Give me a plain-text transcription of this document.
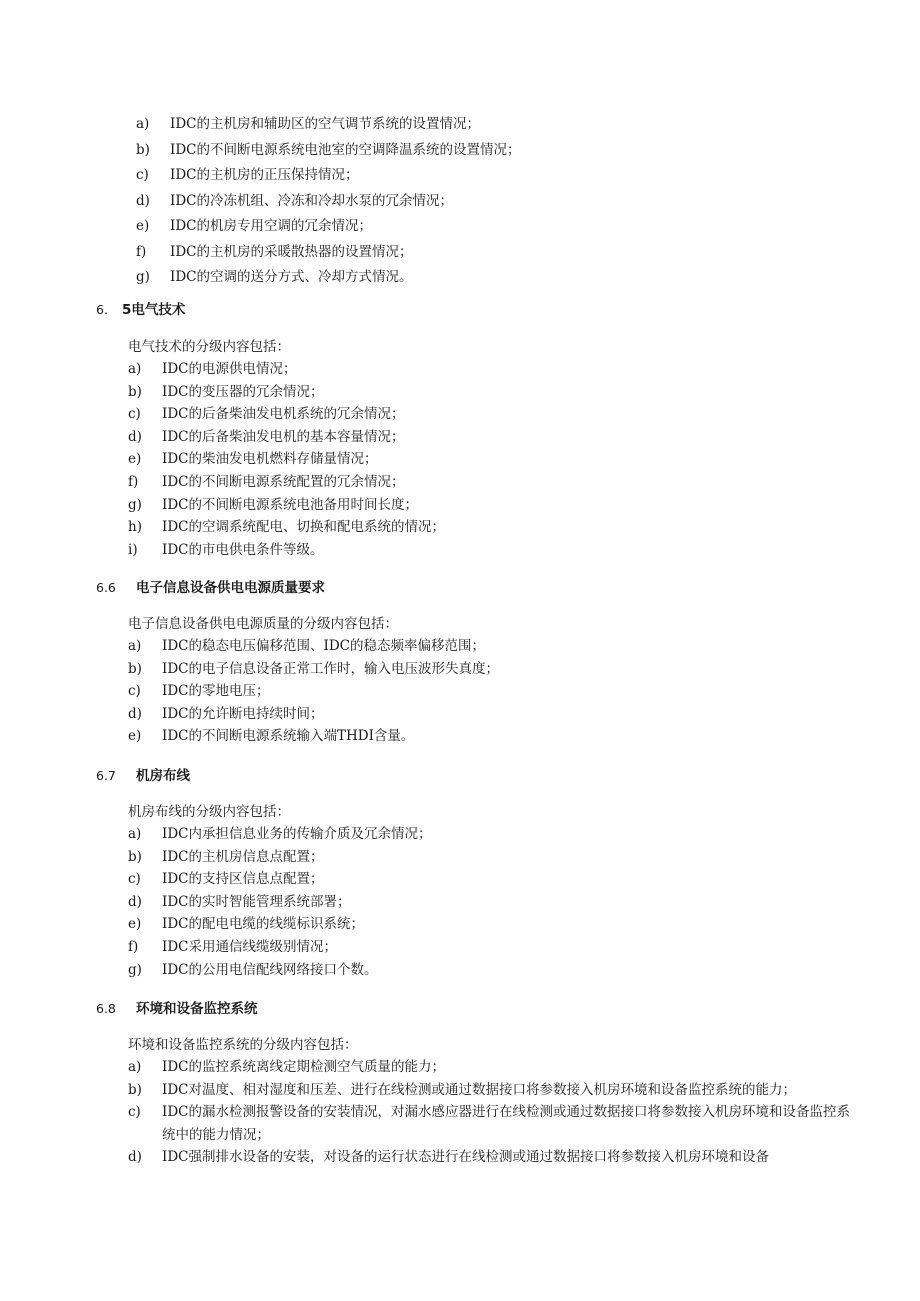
a)	IDC的主机房和辅助区的空气调节系统的设置情况；
b)	IDC的不间断电源系统电池室的空调降温系统的设置情况；
c)	IDC的主机房的正压保持情况；
d)	IDC的冷冻机组、冷冻和冷却水泵的冗余情况；
e)	IDC的机房专用空调的冗余情况；
f)	IDC的主机房的采暖散热器的设置情况；
g)	IDC的空调的送分方式、冷却方式情况。
6. 5电气技术
电气技术的分级内容包括：
a)	IDC的电源供电情况；
b)	IDC的变压器的冗余情况；
c)	IDC的后备柴油发电机系统的冗余情况；
d)	IDC的后备柴油发电机的基本容量情况；
e)	IDC的柴油发电机燃料存储量情况；
f)	IDC的不间断电源系统配置的冗余情况；
g)	IDC的不间断电源系统电池备用时间长度；
h)	IDC的空调系统配电、切换和配电系统的情况；
i)	IDC的市电供电条件等级。
6.6 电子信息设备供电电源质量要求
电子信息设备供电电源质量的分级内容包括：
a)	IDC的稳态电压偏移范围、IDC的稳态频率偏移范围；
b)	IDC的电子信息设备正常工作时，输入电压波形失真度；
c)	IDC的零地电压；
d)	IDC的允许断电持续时间；
e)	IDC的不间断电源系统输入端THDI含量。
6.7 机房布线
机房布线的分级内容包括：
a)	IDC内承担信息业务的传输介质及冗余情况；
b)	IDC的主机房信息点配置；
c)	IDC的支持区信息点配置；
d)	IDC的实时智能管理系统部署；
e)	IDC的配电电缆的线缆标识系统；
f)	IDC采用通信线缆级别情况；
g)	IDC的公用电信配线网络接口个数。
6.8 环境和设备监控系统
环境和设备监控系统的分级内容包括：
a)	IDC的监控系统离线定期检测空气质量的能力；
b)	IDC对温度、相对湿度和压差、进行在线检测或通过数据接口将参数接入机房环境和设备监控系统的能力；
c)	IDC的漏水检测报警设备的安装情况，对漏水感应器进行在线检测或通过数据接口将参数接入机房环境和设备监控系统中的能力情况；
d)	IDC强制排水设备的安装，对设备的运行状态进行在线检测或通过数据接口将参数接入机房环境和设备
